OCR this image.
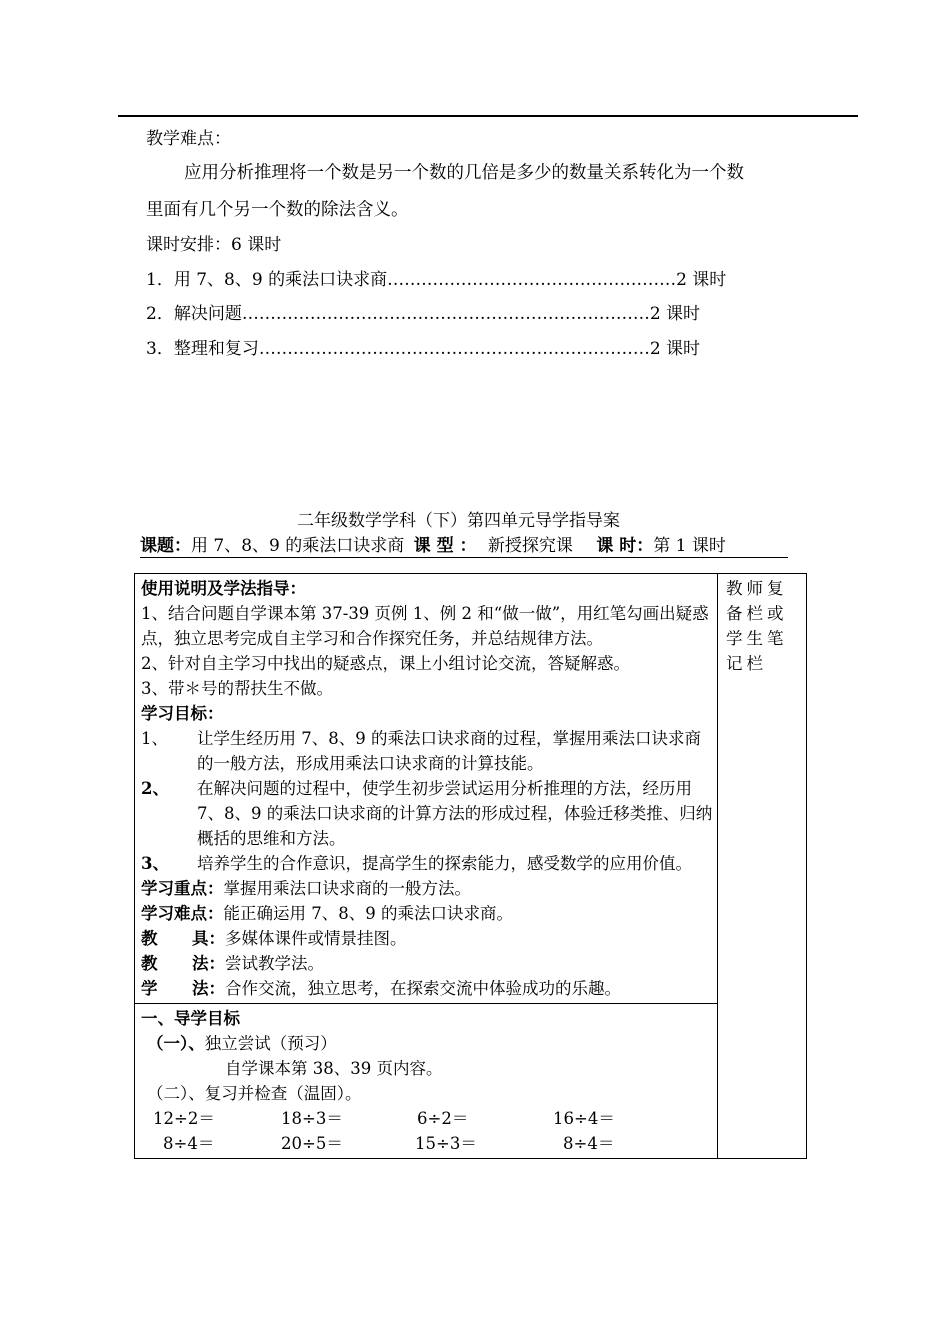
教学难点：
应用分析推理将一个数是另一个数的几倍是多少的数量关系转化为一个数
里面有几个另一个数的除法含义。
课时安排：6 课时
1．用 7、8、9 的乘法口诀求商……………………………………………2 课时
2．解决问题………………………………………………………………2 课时
3．整理和复习……………………………………………………………2 课时
二年级数学学科（下）第四单元导学指导案
课题：用 7、8、9 的乘法口诀求商 课 型 ： 新授探究课 课 时：第 1 课时
使用说明及学法指导：
1、结合问题自学课本第 37-39 页例 1、例 2 和“做一做”，用红笔勾画出疑惑点，独立思考完成自主学习和合作探究任务，并总结规律方法。
2、针对自主学习中找出的疑惑点，课上小组讨论交流，答疑解惑。
3、带＊号的帮扶生不做。
学习目标：
1、	让学生经历用 7、8、9 的乘法口诀求商的过程，掌握用乘法口诀求商的一般方法，形成用乘法口诀求商的计算技能。
2、	在解决问题的过程中，使学生初步尝试运用分析推理的方法，经历用 7、8、9 的乘法口诀求商的计算方法的形成过程，体验迁移类推、归纳概括的思维和方法。
3、	培养学生的合作意识，提高学生的探索能力，感受数学的应用价值。
学习重点：掌握用乘法口诀求商的一般方法。
学习难点：能正确运用 7、8、9 的乘法口诀求商。
教      具：多媒体课件或情景挂图。
教      法：尝试教学法。
学      法：合作交流，独立思考，在探索交流中体验成功的乐趣。

教师复备栏或学生笔记栏

一、导学目标
（一）、独立尝试（预习）
自学课本第 38、39 页内容。
（二）、复习并检查（温固）。
12÷2＝	18÷3＝	6÷2＝	16÷4＝
8÷4＝	20÷5＝	15÷3＝	8÷4＝
